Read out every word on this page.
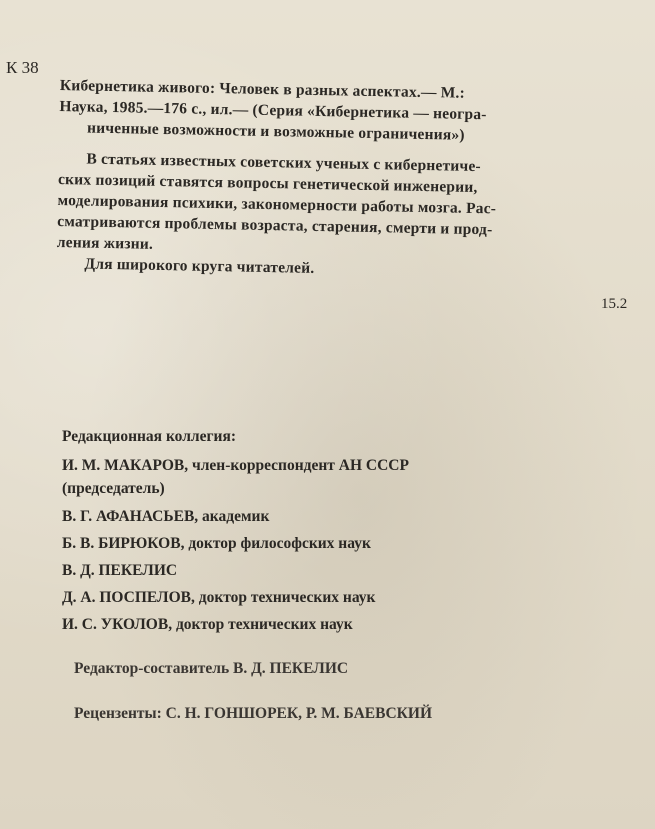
К 38
Кибернетика живого: Человек в разных аспектах.— М.:
Наука, 1985.—176 с., ил.— (Серия «Кибернетика — неогра-
ниченные возможности и возможные ограничения»)
В статьях известных советских ученых с кибернетиче-
ских позиций ставятся вопросы генетической инженерии,
моделирования психики, закономерности работы мозга. Рас-
сматриваются проблемы возраста, старения, смерти и прод-
ления жизни.
Для широкого круга читателей.
15.2
Редакционная коллегия:
И. М. МАКАРОВ, член-корреспондент АН СССР
(председатель)
В. Г. АФАНАСЬЕВ, академик
Б. В. БИРЮКОВ, доктор философских наук
В. Д. ПЕКЕЛИС
Д. А. ПОСПЕЛОВ, доктор технических наук
И. С. УКОЛОВ, доктор технических наук
Редактор-составитель В. Д. ПЕКЕЛИС
Рецензенты: С. Н. ГОНШОРЕК, Р. М. БАЕВСКИЙ
